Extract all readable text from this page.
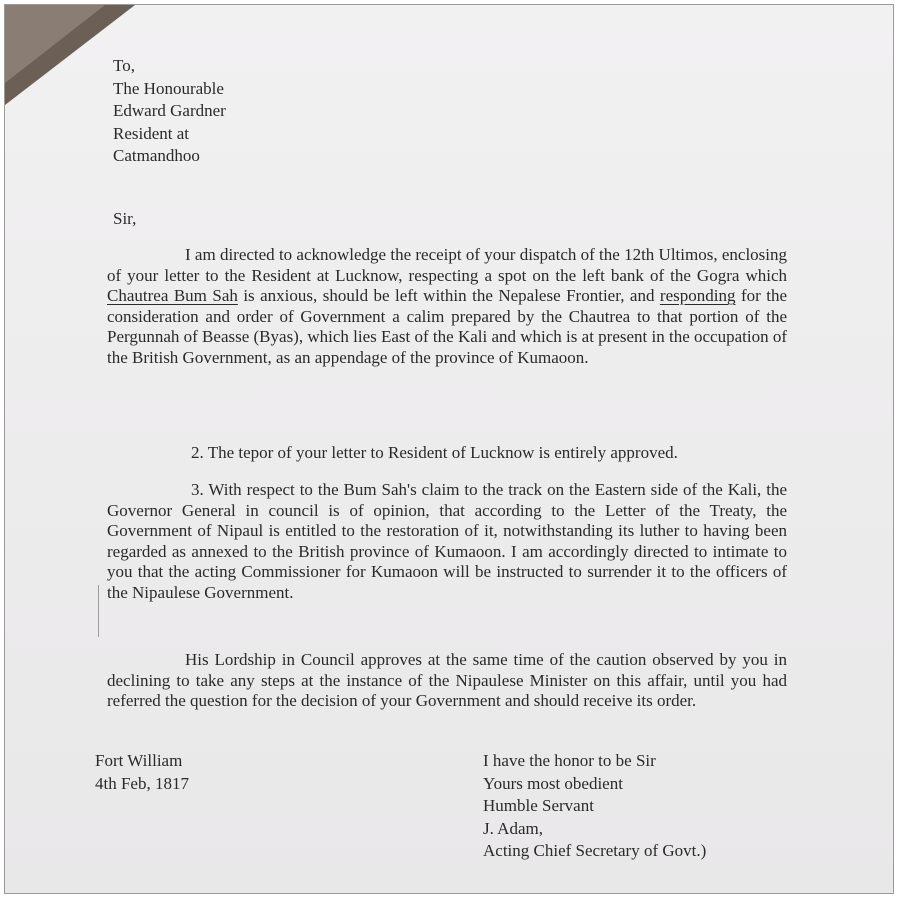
To,
The Honourable
Edward Gardner
Resident at
Catmandhoo
Sir,
I am directed to acknowledge the receipt of your dispatch of the 12th Ultimos, enclosing of your letter to the Resident at Lucknow, respecting a spot on the left bank of the Gogra which Chautrea Bum Sah is anxious, should be left within the Nepalese Frontier, and responding for the consideration and order of Government a calim prepared by the Chautrea to that portion of the Pergunnah of Beasse (Byas), which lies East of the Kali and which is at present in the occupation of the British Government, as an appendage of the province of Kumaoon.
2. The tepor of your letter to Resident of Lucknow is entirely approved.
3. With respect to the Bum Sah's claim to the track on the Eastern side of the Kali, the Governor General in council is of opinion, that according to the Letter of the Treaty, the Government of Nipaul is entitled to the restoration of it, notwithstanding its luther to having been regarded as annexed to the British province of Kumaoon. I am accordingly directed to intimate to you that the acting Commissioner for Kumaoon will be instructed to surrender it to the officers of the Nipaulese Government.
His Lordship in Council approves at the same time of the caution observed by you in declining to take any steps at the instance of the Nipaulese Minister on this affair, until you had referred the question for the decision of your Government and should receive its order.
Fort William
4th Feb, 1817
I have the honor to be Sir
Yours most obedient
Humble Servant
J. Adam,
Acting Chief Secretary of Govt.)
